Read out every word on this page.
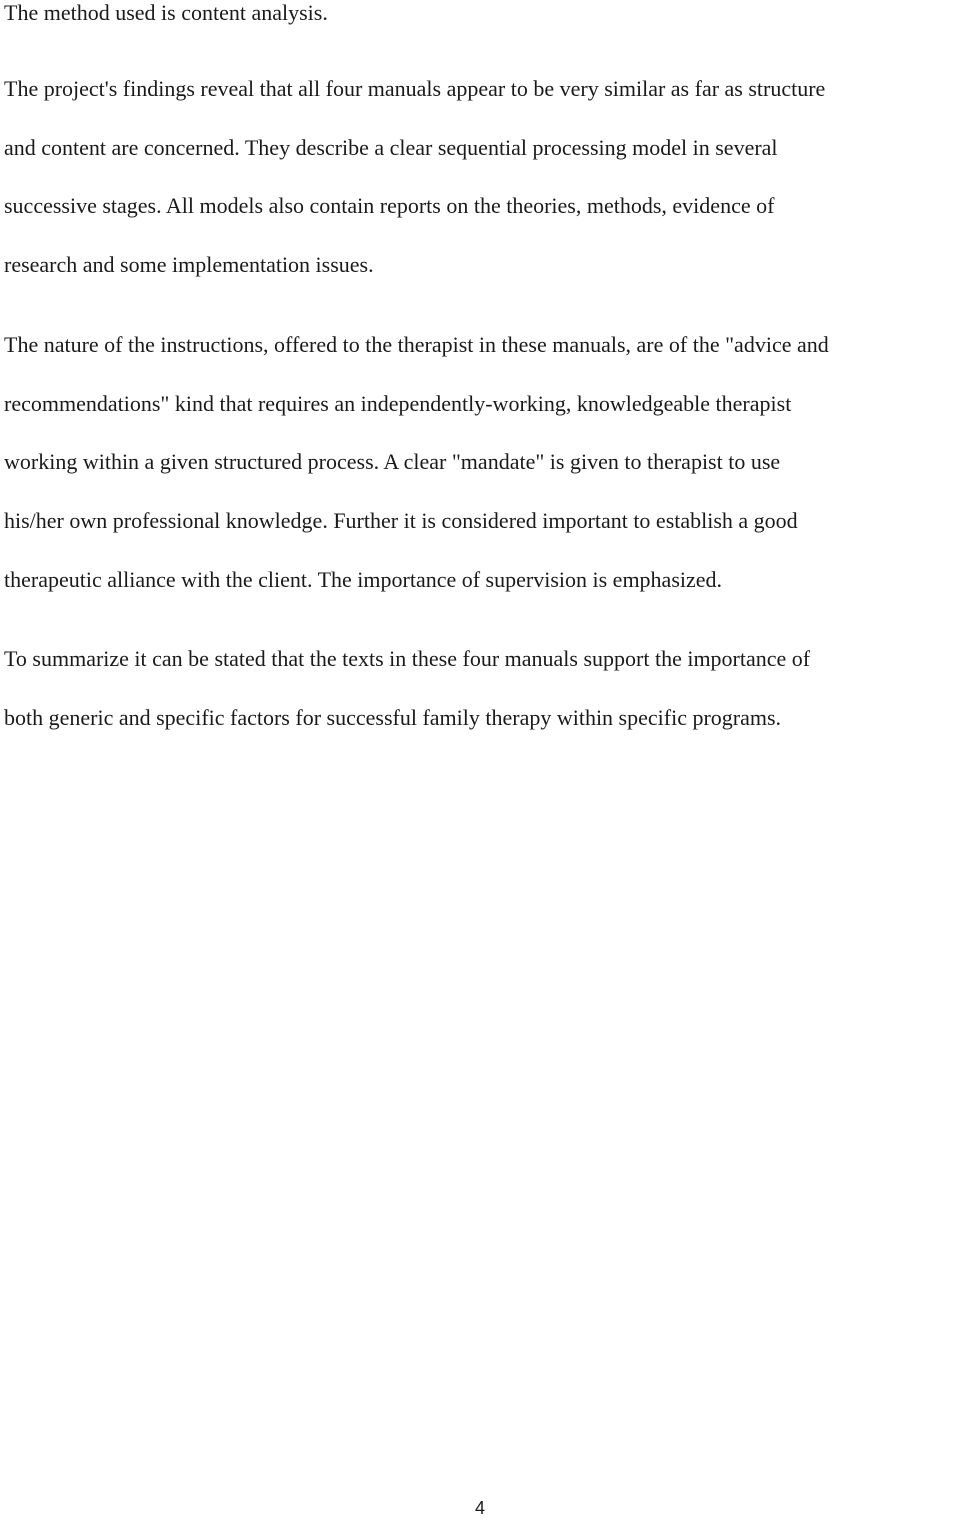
The method used is content analysis.

The project's findings reveal that all four manuals appear to be very similar as far as structure
and content are concerned. They describe a clear sequential processing model in several
successive stages. All models also contain reports on the theories, methods, evidence of
research and some implementation issues.

The nature of the instructions, offered to the therapist in these manuals, are of the "advice and
recommendations" kind that requires an independently-working, knowledgeable therapist
working within a given structured process. A clear "mandate" is given to therapist to use
his/her own professional knowledge. Further it is considered important to establish a good
therapeutic alliance with the client. The importance of supervision is emphasized.

To summarize it can be stated that the texts in these four manuals support the importance of
both generic and specific factors for successful family therapy within specific programs.

4
